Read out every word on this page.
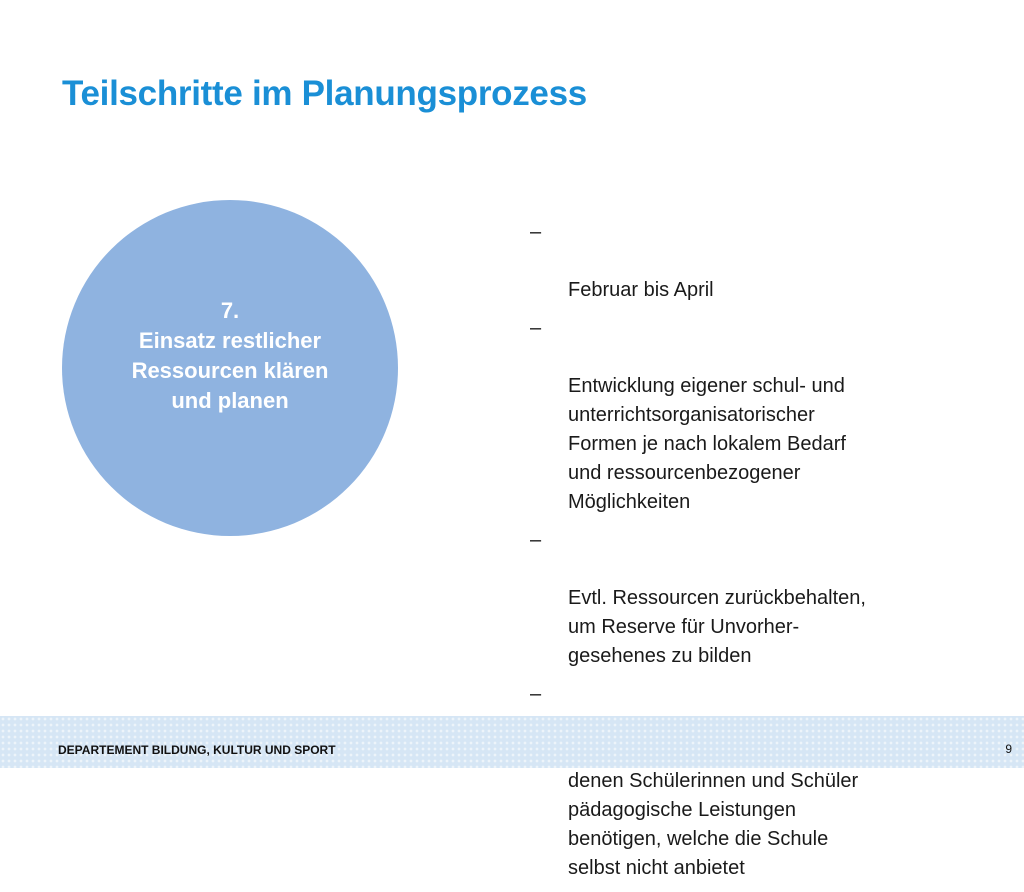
Teilschritte im Planungsprozess
7.
Einsatz restlicher
Ressourcen klären
und planen

–

Februar bis April

–

Entwicklung eigener schul- und
unterrichtsorganisatorischer
Formen je nach lokalem Bedarf
und ressourcenbezogener
Möglichkeiten

–

Evtl. Ressourcen zurückbehalten,
um Reserve für Unvorher-
gesehenes zu bilden

–

denen Schülerinnen und Schüler
pädagogische Leistungen
benötigen, welche die Schule
selbst nicht anbietet

DEPARTEMENT BILDUNG, KULTUR UND SPORT	9
